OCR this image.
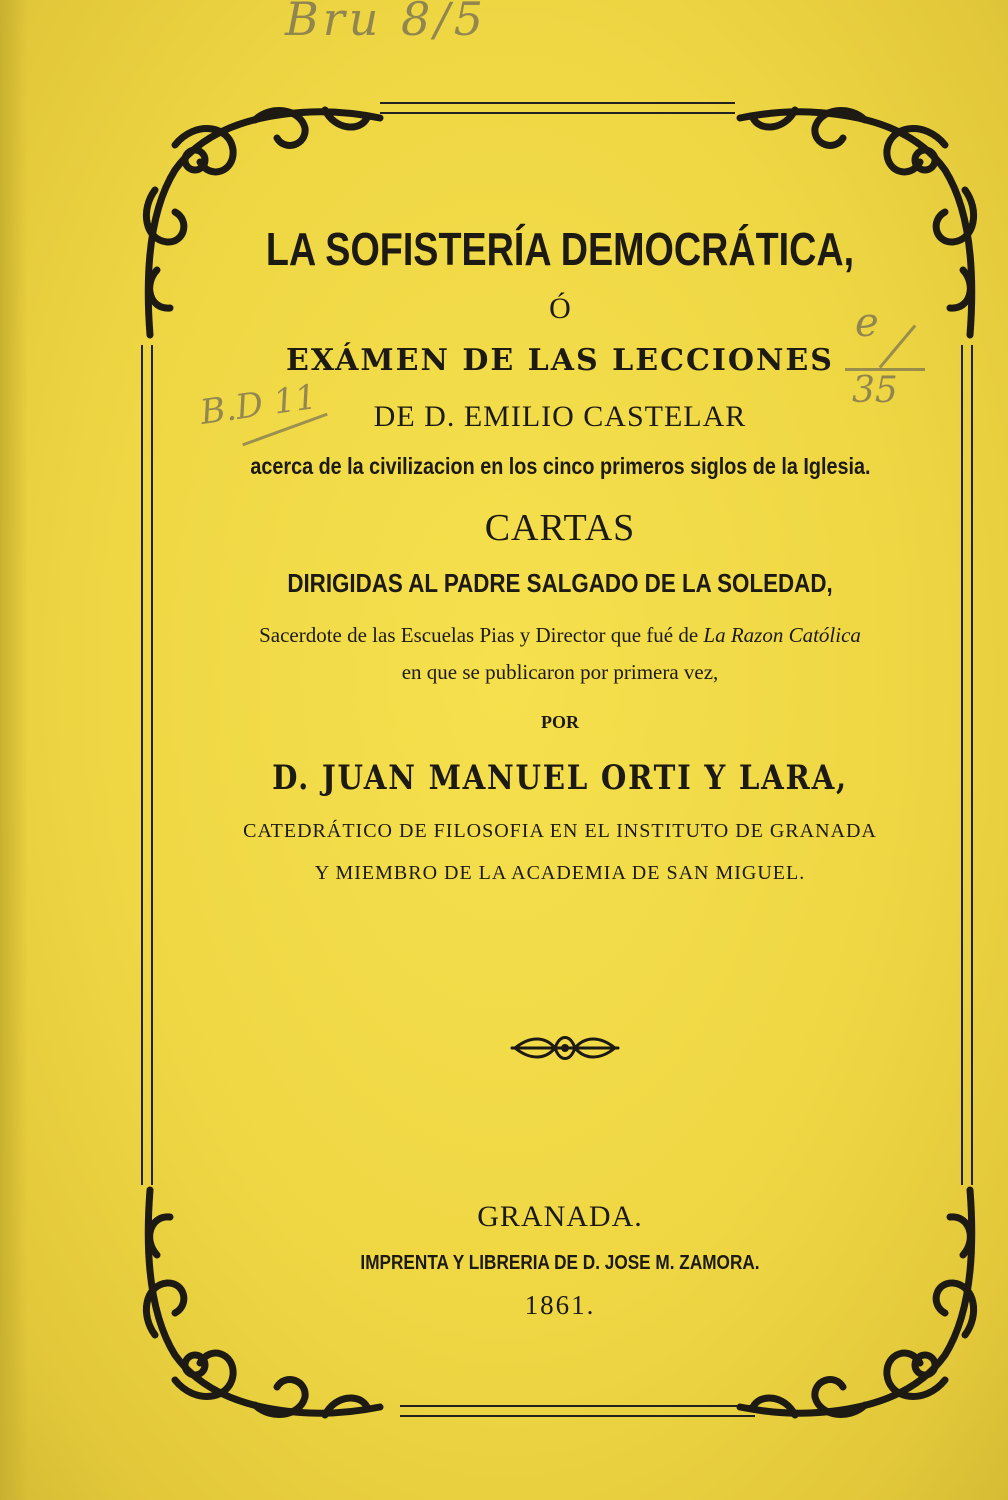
Bru 8/5
B.D 11
e
35
LA SOFISTERÍA DEMOCRÁTICA,
Ó
EXÁMEN DE LAS LECCIONES
DE D. EMILIO CASTELAR
acerca de la civilizacion en los cinco primeros siglos de la Iglesia.
CARTAS
DIRIGIDAS AL PADRE SALGADO DE LA SOLEDAD,
Sacerdote de las Escuelas Pias y Director que fué de La Razon Católica
en que se publicaron por primera vez,
POR
D. JUAN MANUEL ORTI Y LARA,
CATEDRÁTICO DE FILOSOFIA EN EL INSTITUTO DE GRANADA
Y MIEMBRO DE LA ACADEMIA DE SAN MIGUEL.
GRANADA.
IMPRENTA Y LIBRERIA DE D. JOSE M. ZAMORA.
1861.
